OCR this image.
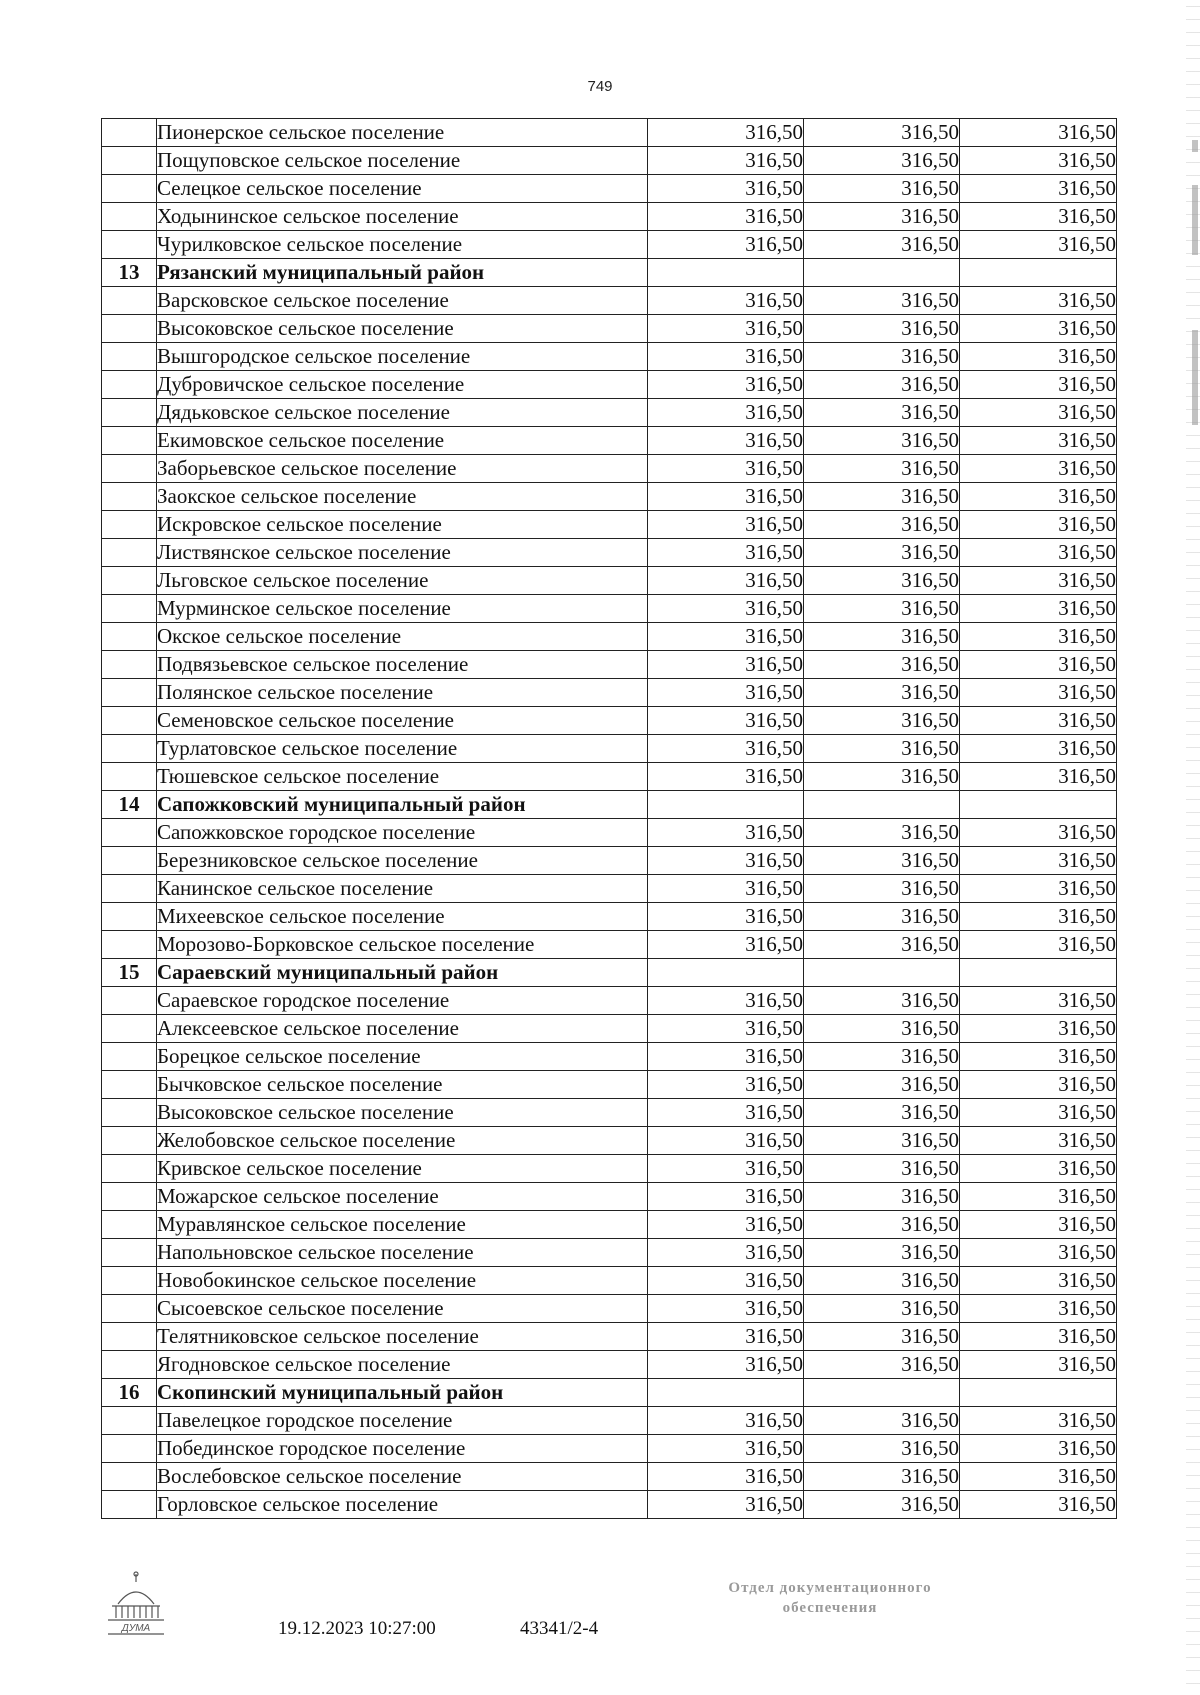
749
	Пионерское сельское поселение	316,50	316,50	316,50
	Пощуповское сельское поселение	316,50	316,50	316,50
	Селецкое сельское поселение	316,50	316,50	316,50
	Ходынинское сельское поселение	316,50	316,50	316,50
	Чурилковское сельское поселение	316,50	316,50	316,50
13	Рязанский муниципальный район			
	Варсковское сельское поселение	316,50	316,50	316,50
	Высоковское сельское поселение	316,50	316,50	316,50
	Вышгородское сельское поселение	316,50	316,50	316,50
	Дубровичское сельское поселение	316,50	316,50	316,50
	Дядьковское сельское поселение	316,50	316,50	316,50
	Екимовское сельское поселение	316,50	316,50	316,50
	Заборьевское сельское поселение	316,50	316,50	316,50
	Заокское сельское поселение	316,50	316,50	316,50
	Искровское сельское поселение	316,50	316,50	316,50
	Листвянское сельское поселение	316,50	316,50	316,50
	Льговское сельское поселение	316,50	316,50	316,50
	Мурминское сельское поселение	316,50	316,50	316,50
	Окское сельское поселение	316,50	316,50	316,50
	Подвязьевское сельское поселение	316,50	316,50	316,50
	Полянское сельское поселение	316,50	316,50	316,50
	Семеновское сельское поселение	316,50	316,50	316,50
	Турлатовское сельское поселение	316,50	316,50	316,50
	Тюшевское сельское поселение	316,50	316,50	316,50
14	Сапожковский муниципальный район			
	Сапожковское городское поселение	316,50	316,50	316,50
	Березниковское сельское поселение	316,50	316,50	316,50
	Канинское сельское поселение	316,50	316,50	316,50
	Михеевское сельское поселение	316,50	316,50	316,50
	Морозово-Борковское сельское поселение	316,50	316,50	316,50
15	Сараевский муниципальный район			
	Сараевское городское поселение	316,50	316,50	316,50
	Алексеевское сельское поселение	316,50	316,50	316,50
	Борецкое сельское поселение	316,50	316,50	316,50
	Бычковское сельское поселение	316,50	316,50	316,50
	Высоковское сельское поселение	316,50	316,50	316,50
	Желобовское сельское поселение	316,50	316,50	316,50
	Кривское сельское поселение	316,50	316,50	316,50
	Можарское сельское поселение	316,50	316,50	316,50
	Муравлянское сельское поселение	316,50	316,50	316,50
	Напольновское сельское поселение	316,50	316,50	316,50
	Новобокинское сельское поселение	316,50	316,50	316,50
	Сысоевское сельское поселение	316,50	316,50	316,50
	Телятниковское сельское поселение	316,50	316,50	316,50
	Ягодновское сельское поселение	316,50	316,50	316,50
16	Скопинский муниципальный район			
	Павелецкое городское поселение	316,50	316,50	316,50
	Побединское городское поселение	316,50	316,50	316,50
	Вослебовское сельское поселение	316,50	316,50	316,50
	Горловское сельское поселение	316,50	316,50	316,50
ДУМА	19.12.2023 10:27:00	43341/2-4
Отдел документационного
обеспечения
